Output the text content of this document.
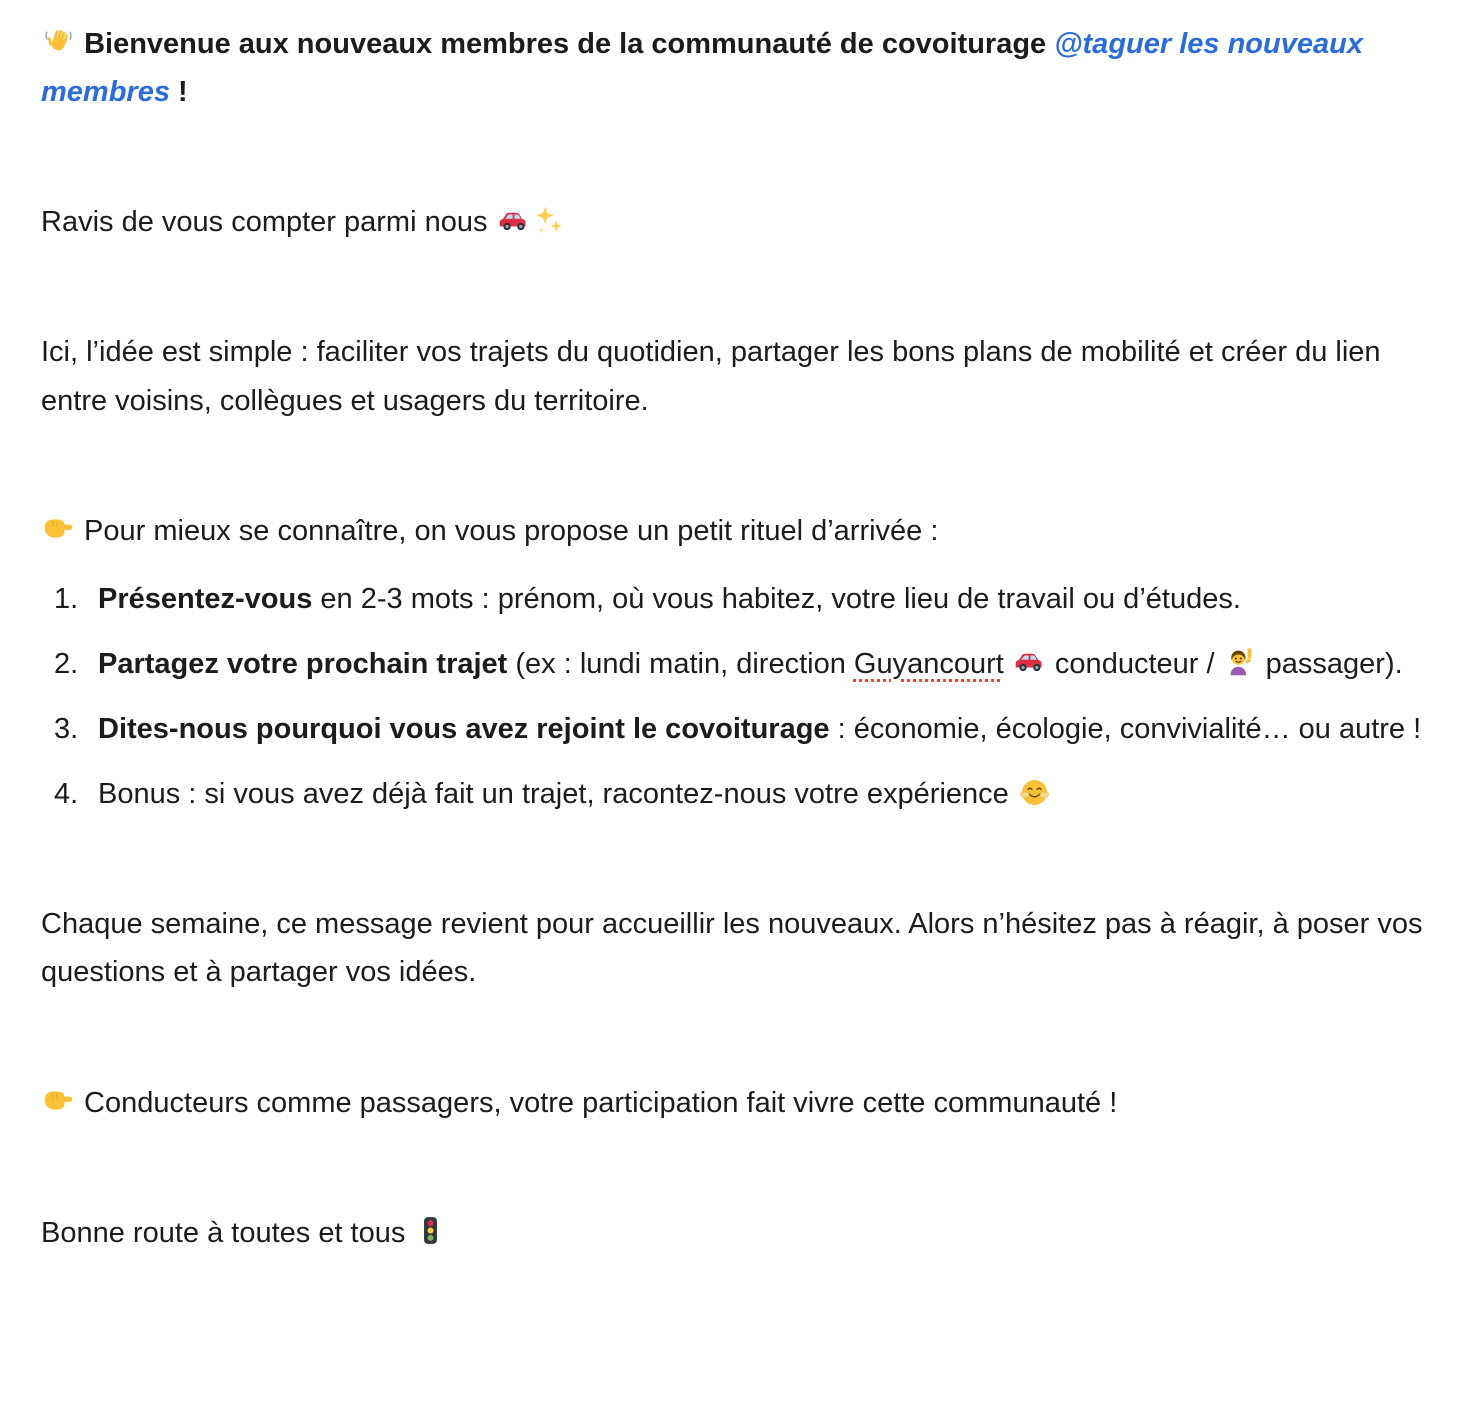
Bienvenue aux nouveaux membres de la communauté de covoiturage @taguer les nouveaux membres !

Ravis de vous compter parmi nous

Ici, l’idée est simple : faciliter vos trajets du quotidien, partager les bons plans de mobilité et créer du lien entre voisins, collègues et usagers du territoire.

Pour mieux se connaître, on vous propose un petit rituel d’arrivée :

1. Présentez-vous en 2-3 mots : prénom, où vous habitez, votre lieu de travail ou d’études.
2. Partagez votre prochain trajet (ex : lundi matin, direction Guyancourt
conducteur /
passager).
3. Dites-nous pourquoi vous avez rejoint le covoiturage : économie, écologie, convivialité… ou autre !
4. Bonus : si vous avez déjà fait un trajet, racontez-nous votre expérience

Chaque semaine, ce message revient pour accueillir les nouveaux. Alors n’hésitez pas à réagir, à poser vos questions et à partager vos idées.

Conducteurs comme passagers, votre participation fait vivre cette communauté !

Bonne route à toutes et tous
